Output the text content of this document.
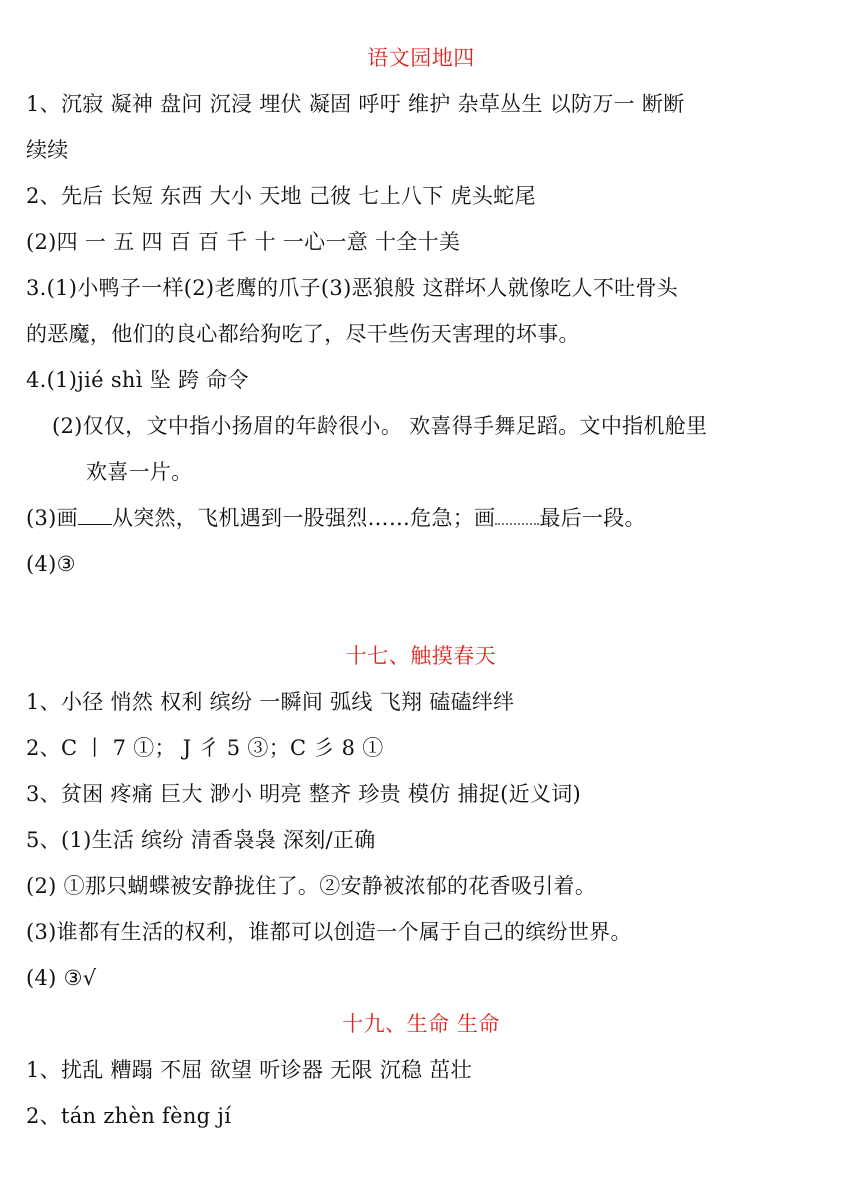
语文园地四
1、沉寂 凝神 盘问 沉浸 埋伏 凝固 呼吁 维护 杂草丛生 以防万一 断断
续续
2、先后 长短 东西 大小 天地 己彼 七上八下 虎头蛇尾
(2)四 一 五 四 百 百 千 十 一心一意 十全十美
3.(1)小鸭子一样(2)老鹰的爪子(3)恶狼般 这群坏人就像吃人不吐骨头
的恶魔，他们的良心都给狗吃了，尽干些伤天害理的坏事。
4.(1)jié shì 坠 跨 命令
(2)仅仅，文中指小扬眉的年龄很小。 欢喜得手舞足蹈。文中指机舱里
欢喜一片。
(3)画 从突然，飞机遇到一股强烈……危急；画 最后一段。
(4)③
十七、触摸春天
1、小径 悄然 权利 缤纷 一瞬间 弧线 飞翔 磕磕绊绊
2、C 丨 7 ①； J 彳 5 ③；C 彡 8 ①
3、贫困 疼痛 巨大 渺小 明亮 整齐 珍贵 模仿 捕捉(近义词)
5、(1)生活 缤纷 清香袅袅 深刻/正确
(2) ①那只蝴蝶被安静拢住了。②安静被浓郁的花香吸引着。
(3)谁都有生活的权利，谁都可以创造一个属于自己的缤纷世界。
(4) ③√
十九、生命 生命
1、扰乱 糟蹋 不屈 欲望 听诊器 无限 沉稳 茁壮
2、tán zhèn fèng jí
